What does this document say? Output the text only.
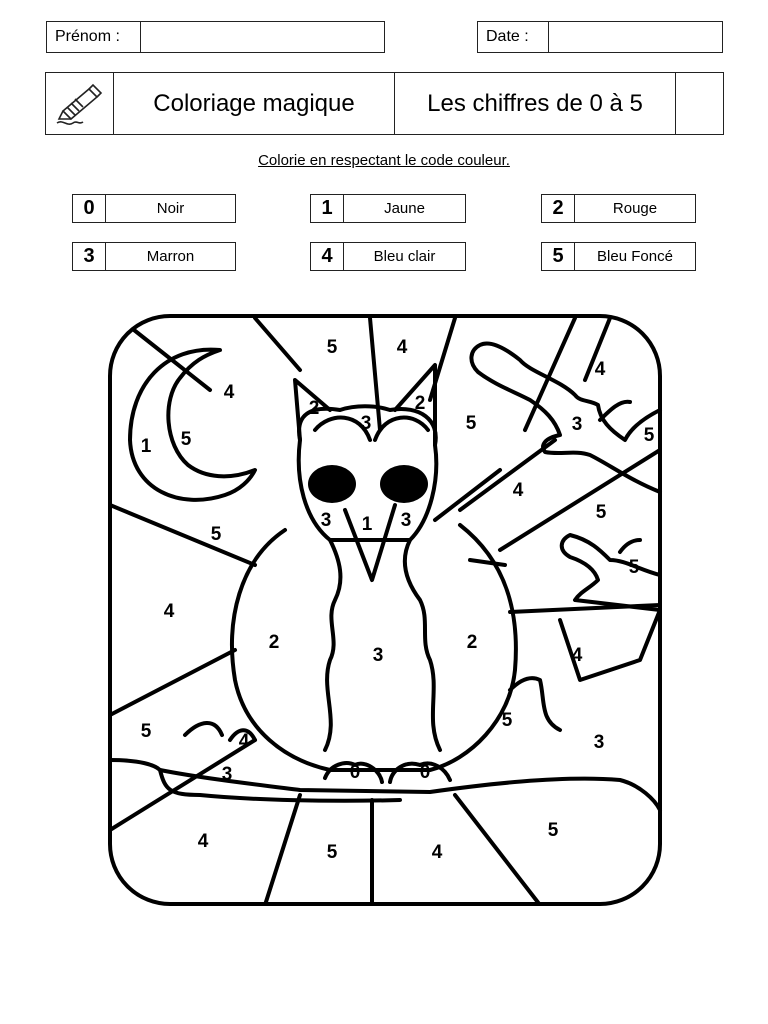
Prénom :	Date :
Coloriage magique	Les chiffres de 0 à 5
Colorie en respectant le code couleur.
0	Noir	1	Jaune	2	Rouge
3	Marron	4	Bleu clair	5	Bleu Foncé
5	4
4
1 5
2
3
2
5
4
5
3
5
3 1 3	5
4
5
4
2
3
2
4
5	4
5
3
3
0	0
4
5	4
5
